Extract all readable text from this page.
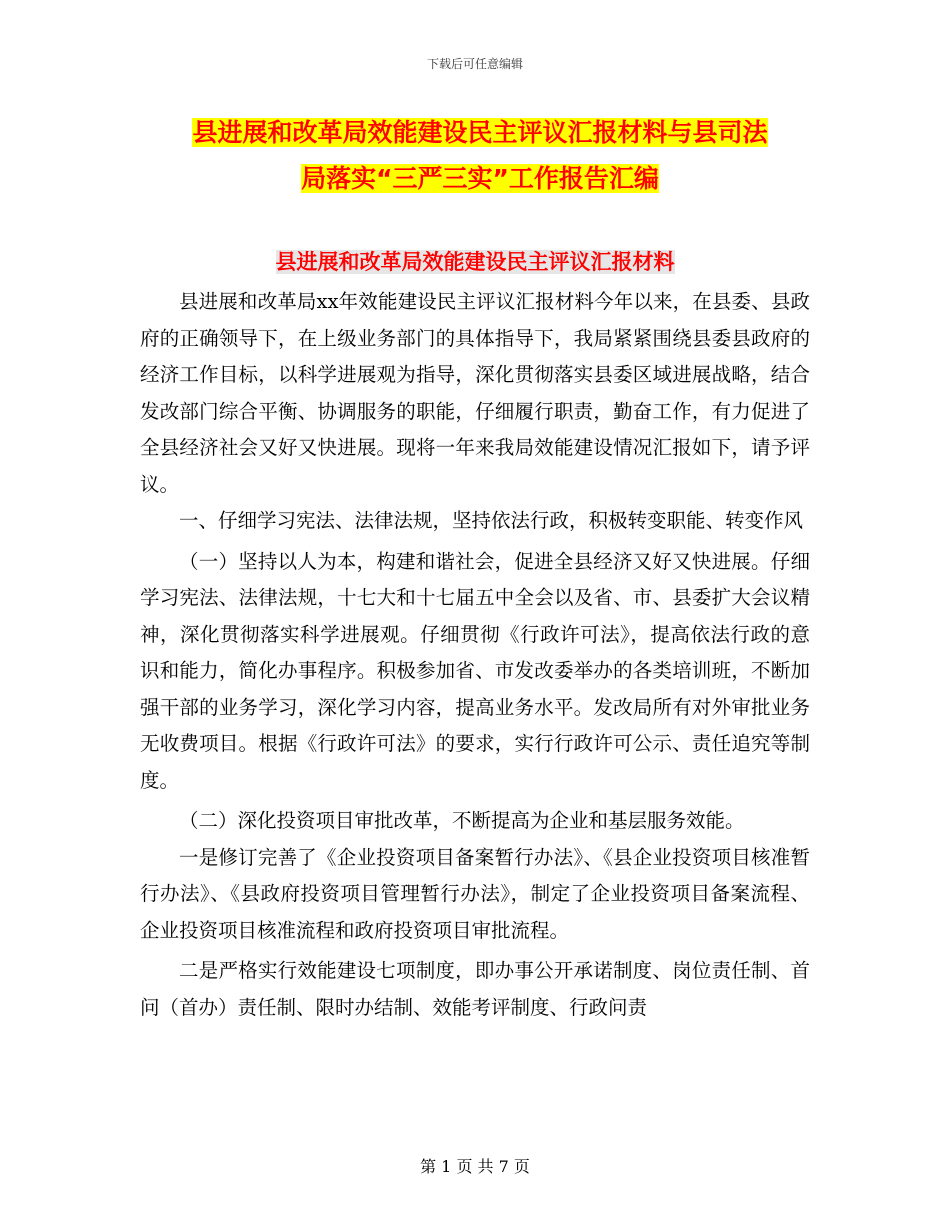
下载后可任意编辑
县进展和改革局效能建设民主评议汇报材料与县司法
局落实“三严三实”工作报告汇编
县进展和改革局效能建设民主评议汇报材料

县进展和改革局xx年效能建设民主评议汇报材料今年以来，在县委、县政府的正确领导下，在上级业务部门的具体指导下，我局紧紧围绕县委县政府的经济工作目标，以科学进展观为指导，深化贯彻落实县委区域进展战略，结合发改部门综合平衡、协调服务的职能，仔细履行职责，勤奋工作，有力促进了全县经济社会又好又快进展。现将一年来我局效能建设情况汇报如下，请予评议。

一、仔细学习宪法、法律法规，坚持依法行政，积极转变职能、转变作风

（一）坚持以人为本，构建和谐社会，促进全县经济又好又快进展。仔细学习宪法、法律法规，十七大和十七届五中全会以及省、市、县委扩大会议精神，深化贯彻落实科学进展观。仔细贯彻《行政许可法》，提高依法行政的意识和能力，简化办事程序。积极参加省、市发改委举办的各类培训班，不断加强干部的业务学习，深化学习内容，提高业务水平。发改局所有对外审批业务无收费项目。根据《行政许可法》的要求，实行行政许可公示、责任追究等制度。

（二）深化投资项目审批改革，不断提高为企业和基层服务效能。

一是修订完善了《企业投资项目备案暂行办法》、《县企业投资项目核准暂行办法》、《县政府投资项目管理暂行办法》，制定了企业投资项目备案流程、企业投资项目核准流程和政府投资项目审批流程。

二是严格实行效能建设七项制度，即办事公开承诺制度、岗位责任制、首问（首办）责任制、限时办结制、效能考评制度、行政问责

第 1 页 共 7 页
